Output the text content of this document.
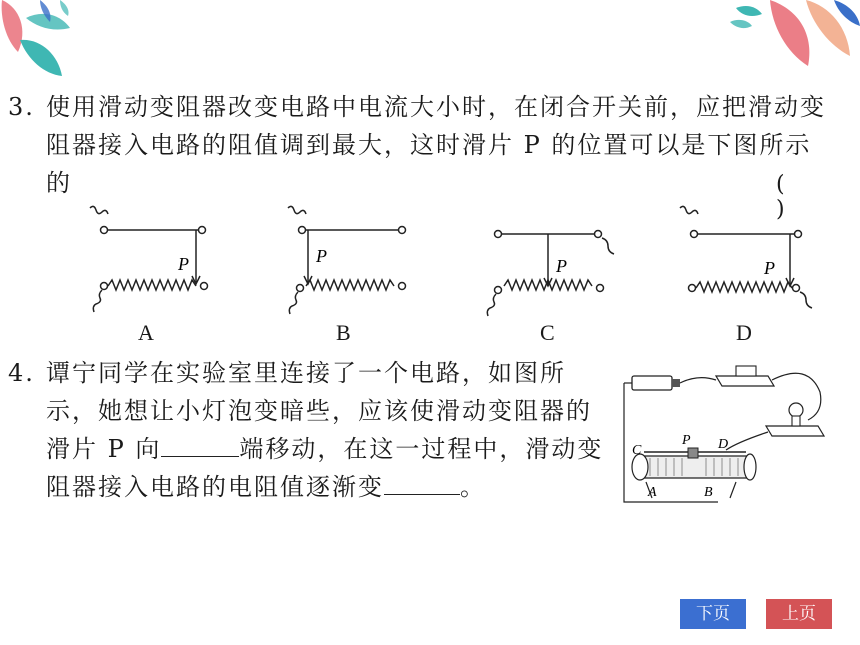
3. 使用滑动变阻器改变电路中电流大小时，在闭合开关前，应把滑动变
阻器接入电路的阻值调到最大，这时滑片 P 的位置可以是下图所示
的	( )
P
A
P
B
P
C
P
D
4. 谭宁同学在实验室里连接了一个电路，如图所
示，她想让小灯泡变暗些，应该使滑动变阻器的
滑片 P 向	端移动，在这一过程中，滑动变
阻器接入电路的电阻值逐渐变	。
C
P D
A	B
下页	上页
